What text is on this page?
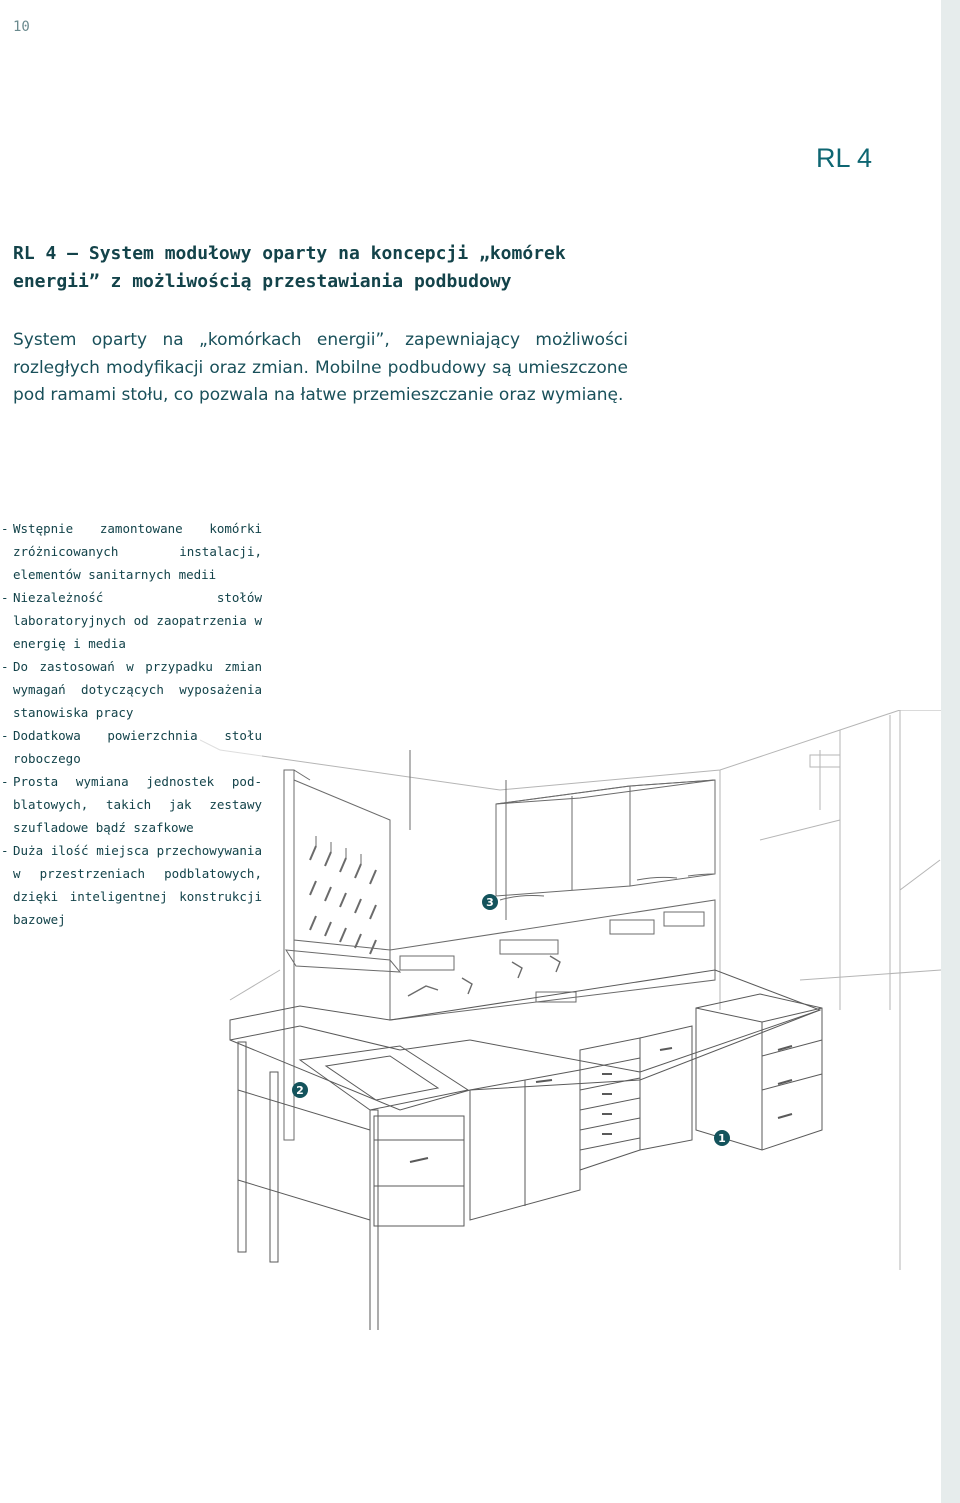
10
RL 4
RL 4 – System modułowy oparty na koncepcji „komórek energii” z możliwością przestawiania podbudowy

System oparty na „komórkach energii”, zapewniający możliwości rozległych modyfikacji oraz zmian. Mobilne podbudowy są umieszczone pod ramami stołu, co pozwala na łatwe przemieszczanie oraz wymianę.

- Wstępnie zamontowane komórki zróżnicowanych instalacji, elementów sanitarnych medii
- Niezależność stołów laboratoryjnych od zaopatrzenia w energię i media
- Do zastosowań w przypadku zmian wymagań dotyczących wyposażenia stanowiska pracy
- Dodatkowa powierzchnia stołu roboczego
- Prosta wymiana jednostek pod-blatowych, takich jak zestawy szufladowe bądź szafkowe
- Duża ilość miejsca przechowywania w przestrzeniach podblatowych, dzięki inteligentnej konstrukcji bazowej
3
2
1
